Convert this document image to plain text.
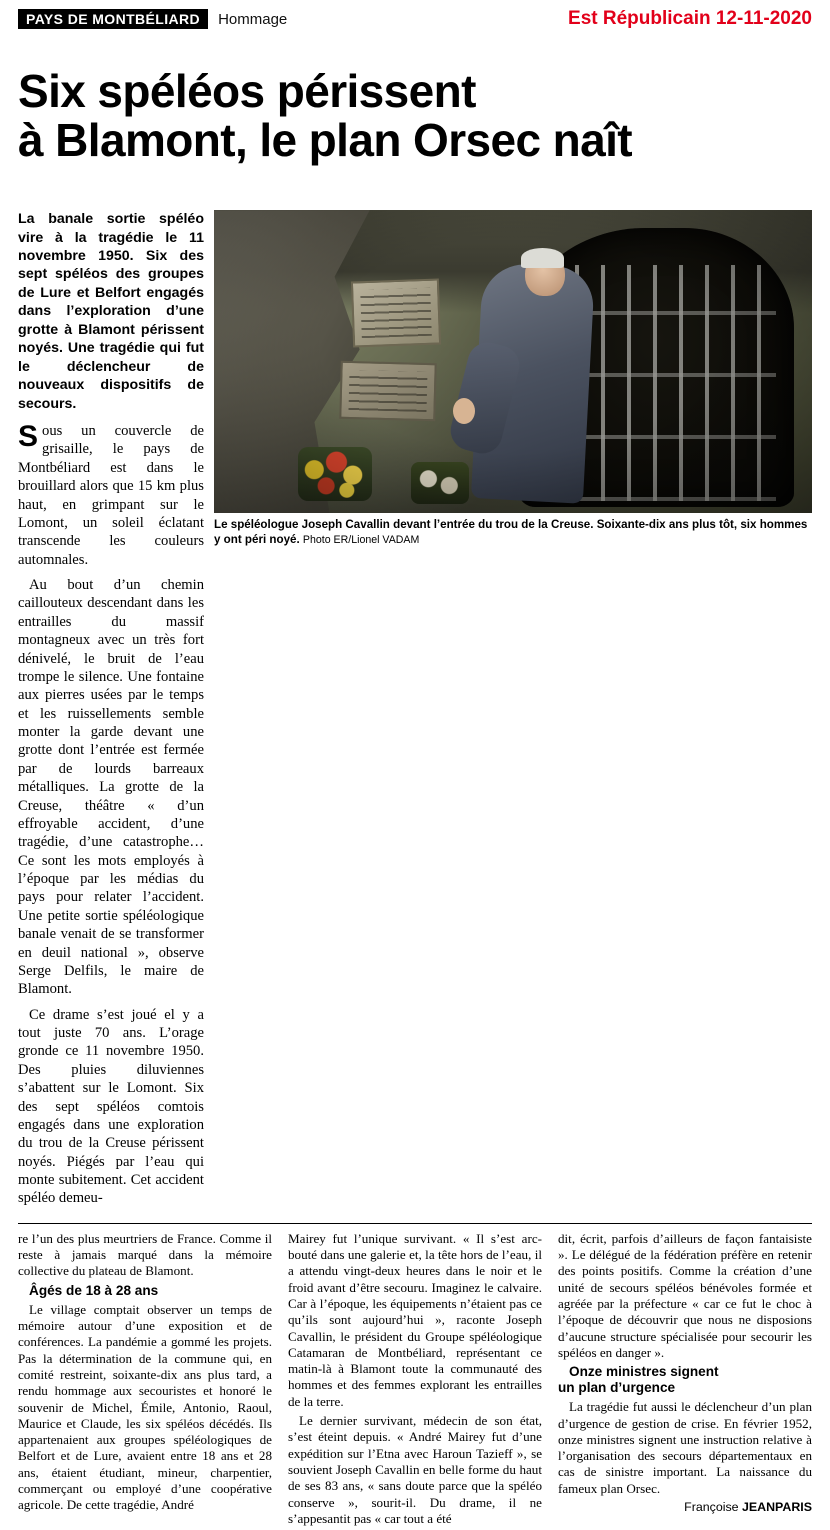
PAYS DE MONTBÉLIARD	Hommage	Est Républicain 12-11-2020
Six spéléos périssent
à Blamont, le plan Orsec naît

La banale sortie spéléo vire à la tragédie le 11 novembre 1950. Six des sept spéléos des groupes de Lure et Belfort engagés dans l’exploration d’une grotte à Blamont périssent noyés. Une tragédie qui fut le déclencheur de nouveaux dispositifs de secours.

Sous un couvercle de grisaille, le pays de Montbéliard est dans le brouillard alors que 15 km plus haut, en grimpant sur le Lomont, un soleil éclatant transcende les couleurs automnales.

Au bout d’un chemin caillouteux descendant dans les entrailles du massif montagneux avec un très fort dénivelé, le bruit de l’eau trompe le silence. Une fontaine aux pierres usées par le temps et les ruissellements semble monter la garde devant une grotte dont l’entrée est fermée par de lourds barreaux métalliques. La grotte de la Creuse, théâtre « d’un effroyable accident, d’une tragédie, d’une catastrophe… Ce sont les mots employés à l’époque par les médias du pays pour relater l’accident. Une petite sortie spéléologique banale venait de se transformer en deuil national », observe Serge Delfils, le maire de Blamont.

Ce drame s’est joué el y a tout juste 70 ans. L’orage gronde ce 11 novembre 1950. Des pluies diluviennes s’abattent sur le Lomont. Six des sept spéléos comtois engagés dans une exploration du trou de la Creuse périssent noyés. Piégés par l’eau qui monte subitement. Cet accident spéléo demeu-

Le spéléologue Joseph Cavallin devant l’entrée du trou de la Creuse. Soixante-dix ans plus tôt, six hommes y ont péri noyé. Photo ER/Lionel VADAM

re l’un des plus meurtriers de France. Comme il reste à jamais marqué dans la mémoire collective du plateau de Blamont.

Âgés de 18 à 28 ans

Le village comptait observer un temps de mémoire autour d’une exposition et de conférences. La pandémie a gommé les projets. Pas la détermination de la commune qui, en comité restreint, soixante-dix ans plus tard, a rendu hommage aux secouristes et honoré le souvenir de Michel, Émile, Antonio, Raoul, Maurice et Claude, les six spéléos décédés. Ils appartenaient aux groupes spéléologiques de Belfort et de Lure, avaient entre 18 ans et 28 ans, étaient étudiant, mineur, charpentier, commerçant ou employé d’une coopérative agricole. De cette tragédie, André

Mairey fut l’unique survivant. « Il s’est arc-bouté dans une galerie et, la tête hors de l’eau, il a attendu vingt-deux heures dans le noir et le froid avant d’être secouru. Imaginez le calvaire. Car à l’époque, les équipements n’étaient pas ce qu’ils sont aujourd’hui », raconte Joseph Cavallin, le président du Groupe spéléologique Catamaran de Montbéliard, représentant ce matin-là à Blamont toute la communauté des hommes et des femmes explorant les entrailles de la terre.

Le dernier survivant, médecin de son état, s’est éteint depuis. « André Mairey fut d’une expédition sur l’Etna avec Haroun Tazieff », se souvient Joseph Cavallin en belle forme du haut de ses 83 ans, « sans doute parce que la spéléo conserve », sourit-il. Du drame, il ne s’appesantit pas « car tout a été

dit, écrit, parfois d’ailleurs de façon fantaisiste ». Le délégué de la fédération préfère en retenir des points positifs. Comme la création d’une unité de secours spéléos bénévoles formée et agréée par la préfecture « car ce fut le choc à l’époque de découvrir que nous ne disposions d’aucune structure spécialisée pour secourir les spéléos en danger ».

Onze ministres signent
un plan d’urgence

La tragédie fut aussi le déclencheur d’un plan d’urgence de gestion de crise. En février 1952, onze ministres signent une instruction relative à l’organisation des secours départementaux en cas de sinistre important. La naissance du fameux plan Orsec.

Françoise JEANPARIS
